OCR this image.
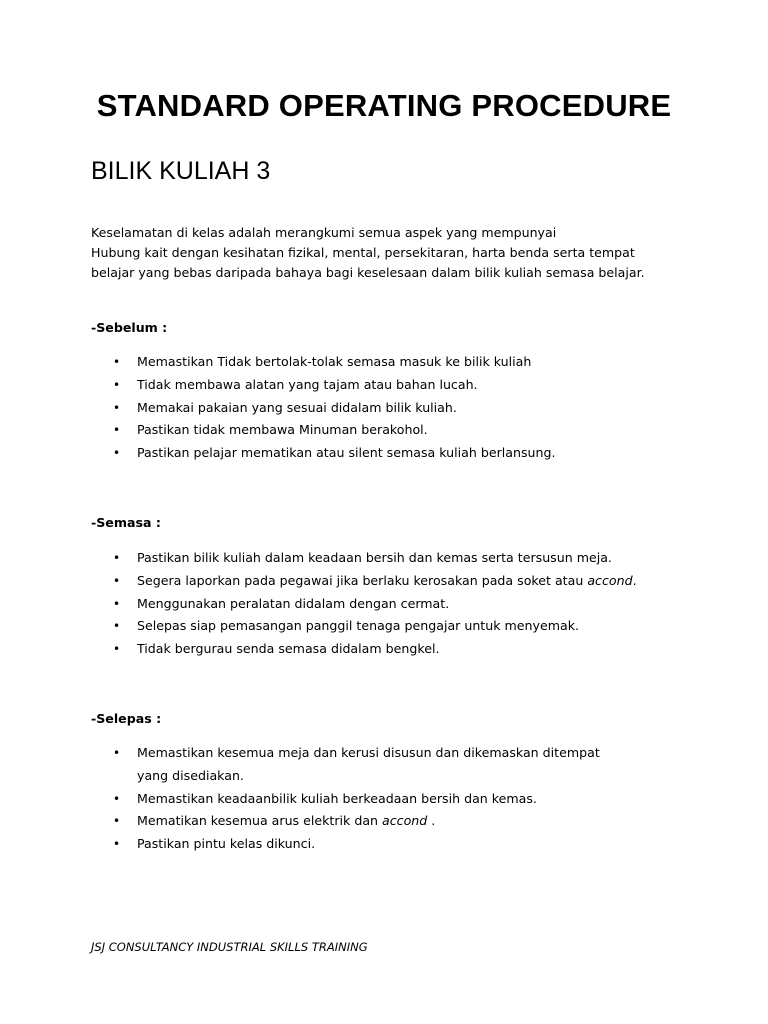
STANDARD OPERATING PROCEDURE
BILIK KULIAH 3
Keselamatan di kelas adalah merangkumi semua aspek yang mempunyai
Hubung kait dengan kesihatan fizikal, mental, persekitaran, harta benda serta tempat
belajar yang bebas daripada bahaya bagi keselesaan dalam bilik kuliah semasa belajar.

-Sebelum :

• Memastikan Tidak bertolak-tolak semasa masuk ke bilik kuliah
• Tidak membawa alatan yang tajam atau bahan lucah.
• Memakai pakaian yang sesuai didalam bilik kuliah.
• Pastikan tidak membawa Minuman berakohol.
• Pastikan pelajar mematikan atau silent semasa kuliah berlansung.

-Semasa :

• Pastikan bilik kuliah dalam keadaan bersih dan kemas serta tersusun meja.
• Segera laporkan pada pegawai jika berlaku kerosakan pada soket atau accond.
• Menggunakan peralatan didalam dengan cermat.
• Selepas siap pemasangan panggil tenaga pengajar untuk menyemak.
• Tidak bergurau senda semasa didalam bengkel.

-Selepas :

• Memastikan kesemua meja dan kerusi disusun dan dikemaskan ditempat yang disediakan.
• Memastikan keadaanbilik kuliah berkeadaan bersih dan kemas.
• Mematikan kesemua arus elektrik dan accond .
• Pastikan pintu kelas dikunci.
JSJ CONSULTANCY INDUSTRIAL SKILLS TRAINING
